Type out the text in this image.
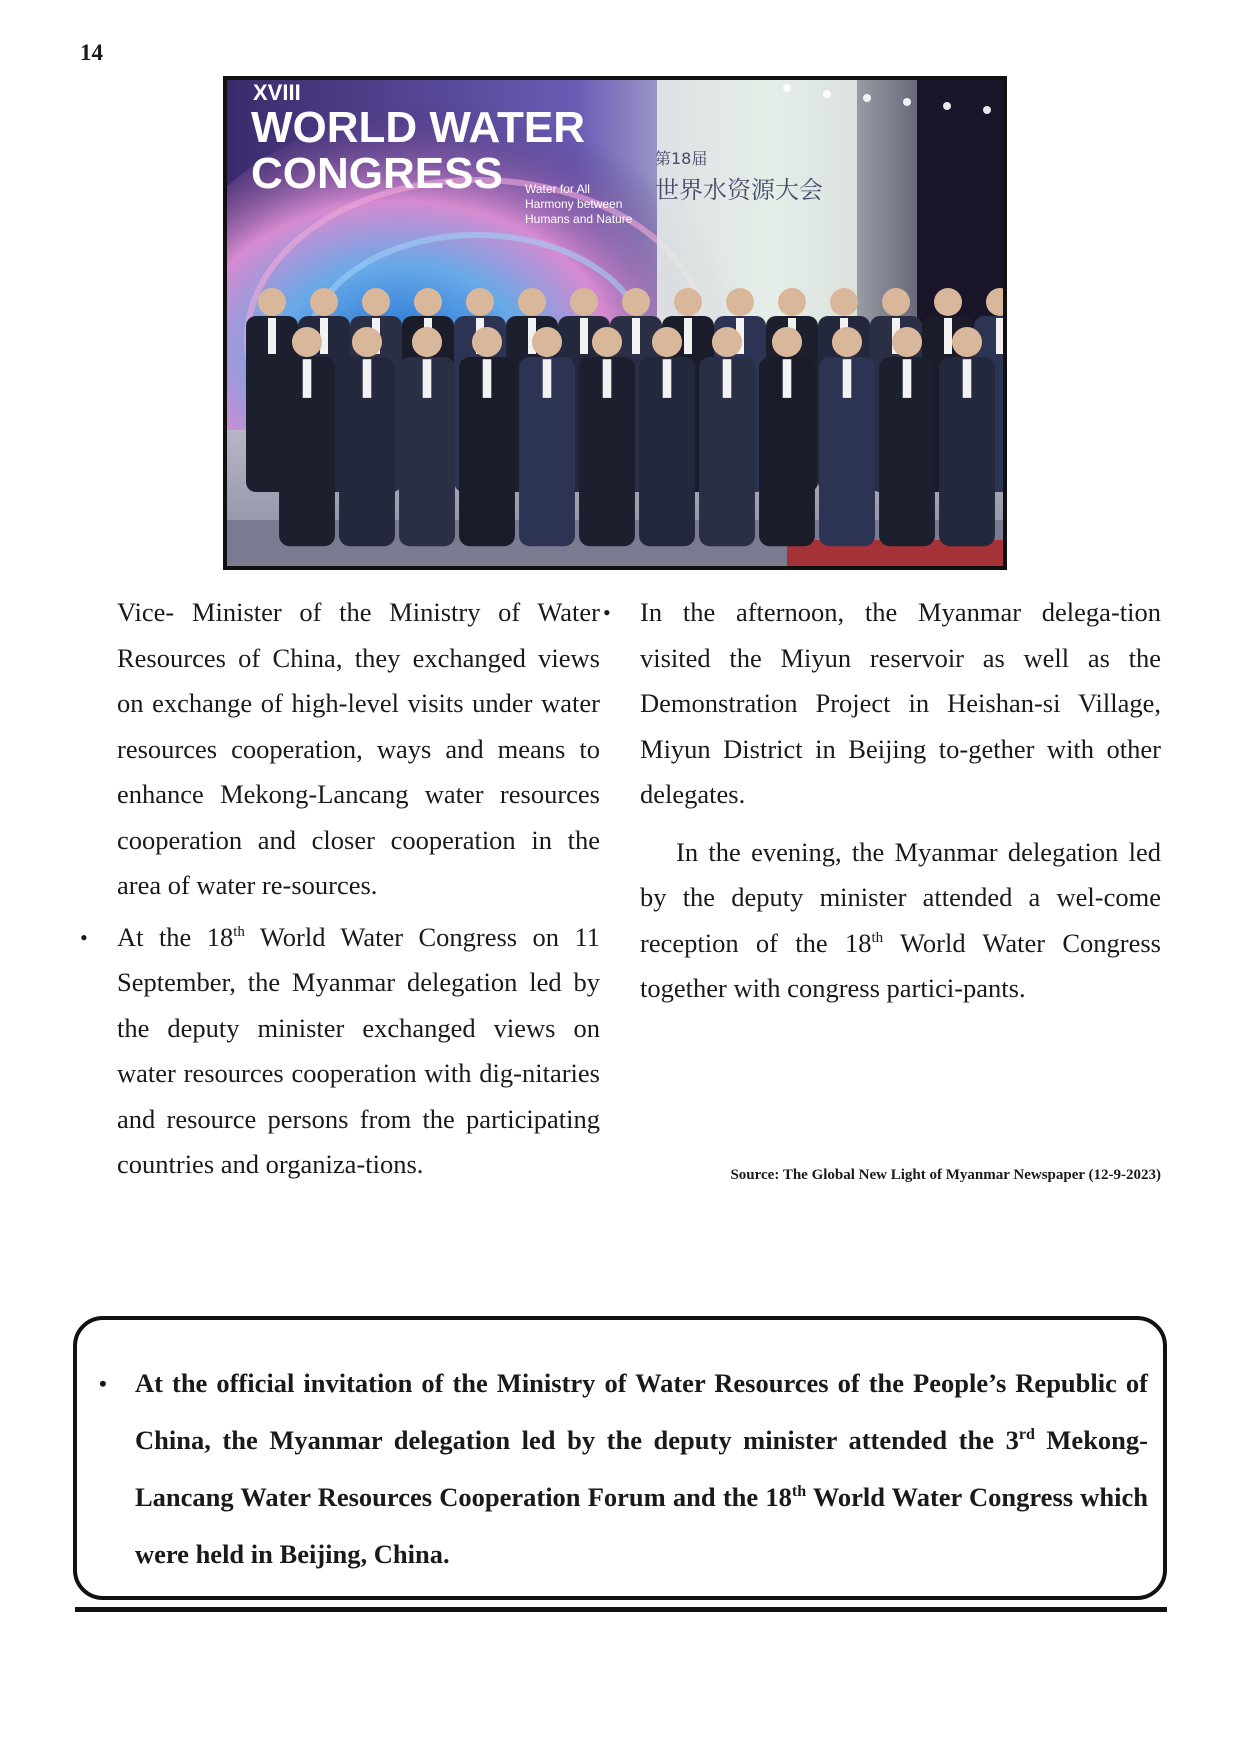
14
XVIII
WORLD WATER
CONGRESS Water for All
Harmony between
Humans and Nature
第18届
世界水资源大会

Vice- Minister of the Ministry of Water Resources of China, they exchanged views on exchange of high-level visits under water resources cooperation, ways and means to enhance Mekong-Lancang water resources cooperation and closer cooperation in the area of water re-sources.

• At the 18th World Water Congress on 11 September, the Myanmar delegation led by the deputy minister exchanged views on water resources cooperation with dig-nitaries and resource persons from the participating countries and organiza-tions.

• In the afternoon, the Myanmar delega-tion visited the Miyun reservoir as well as the Demonstration Project in Heishan-si Village, Miyun District in Beijing to-gether with other delegates.

In the evening, the Myanmar delegation led by the deputy minister attended a wel-come reception of the 18th World Water Congress together with congress partici-pants.

Source: The Global New Light of Myanmar Newspaper (12-9-2023)
• At the official invitation of the Ministry of Water Resources of the People’s Republic of China, the Myanmar delegation led by the deputy minister attended the 3rd Mekong-Lancang Water Resources Cooperation Forum and the 18th World Water Congress which were held in Beijing, China.
